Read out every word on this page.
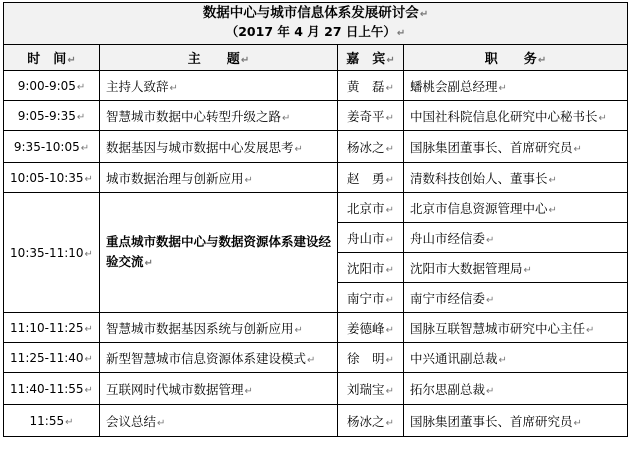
数据中心与城市信息体系发展研讨会↵
（2017 年 4 月 27 日上午）↵			

时　间↵	主　　题↵	嘉　宾↵	职　　务↵
9:00-9:05↵	主持人致辞↵	黄　磊↵	蟠桃会副总经理↵
9:05-9:35↵	智慧城市数据中心转型升级之路↵	姜奇平↵	中国社科院信息化研究中心秘书长↵
9:35-10:05↵	数据基因与城市数据中心发展思考↵	杨冰之↵	国脉集团董事长、首席研究员↵
10:05-10:35↵	城市数据治理与创新应用↵	赵　勇↵	清数科技创始人、董事长↵
10:35-11:10↵	重点城市数据中心与数据资源体系建设经验交流↵	北京市↵	北京市信息资源管理中心↵
		舟山市↵	舟山市经信委↵
		沈阳市↵	沈阳市大数据管理局↵
		南宁市↵	南宁市经信委↵
11:10-11:25↵	智慧城市数据基因系统与创新应用↵	姜德峰↵	国脉互联智慧城市研究中心主任↵
11:25-11:40↵	新型智慧城市信息资源体系建设模式↵	徐　明↵	中兴通讯副总裁↵
11:40-11:55↵	互联网时代城市数据管理↵	刘瑞宝↵	拓尔思副总裁↵
11:55↵	会议总结↵	杨冰之↵	国脉集团董事长、首席研究员↵
